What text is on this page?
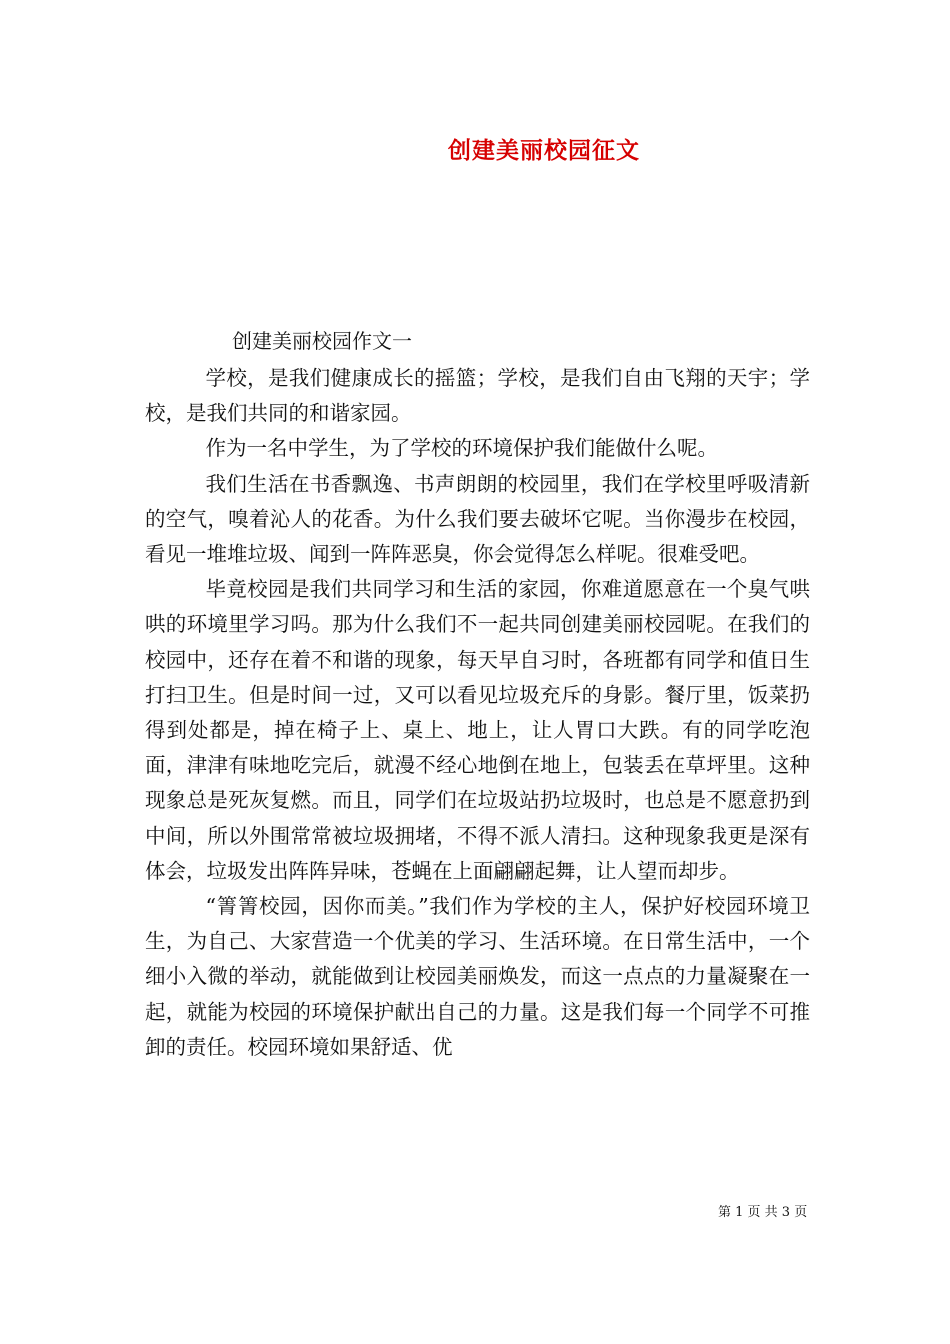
创建美丽校园征文
创建美丽校园作文一

学校，是我们健康成长的摇篮；学校，是我们自由飞翔的天宇；学校，是我们共同的和谐家园。

作为一名中学生，为了学校的环境保护我们能做什么呢。

我们生活在书香飘逸、书声朗朗的校园里，我们在学校里呼吸清新的空气，嗅着沁人的花香。为什么我们要去破坏它呢。当你漫步在校园，看见一堆堆垃圾、闻到一阵阵恶臭，你会觉得怎么样呢。很难受吧。

毕竟校园是我们共同学习和生活的家园，你难道愿意在一个臭气哄哄的环境里学习吗。那为什么我们不一起共同创建美丽校园呢。在我们的校园中，还存在着不和谐的现象，每天早自习时，各班都有同学和值日生打扫卫生。但是时间一过，又可以看见垃圾充斥的身影。餐厅里，饭菜扔得到处都是，掉在椅子上、桌上、地上，让人胃口大跌。有的同学吃泡面，津津有味地吃完后，就漫不经心地倒在地上，包装丢在草坪里。这种现象总是死灰复燃。而且，同学们在垃圾站扔垃圾时，也总是不愿意扔到中间，所以外围常常被垃圾拥堵，不得不派人清扫。这种现象我更是深有体会，垃圾发出阵阵异味，苍蝇在上面翩翩起舞，让人望而却步。

“箐箐校园，因你而美。”我们作为学校的主人，保护好校园环境卫生，为自己、大家营造一个优美的学习、生活环境。在日常生活中，一个细小入微的举动，就能做到让校园美丽焕发，而这一点点的力量凝聚在一起，就能为校园的环境保护献出自己的力量。这是我们每一个同学不可推卸的责任。校园环境如果舒适、优

第 1 页 共 3 页
